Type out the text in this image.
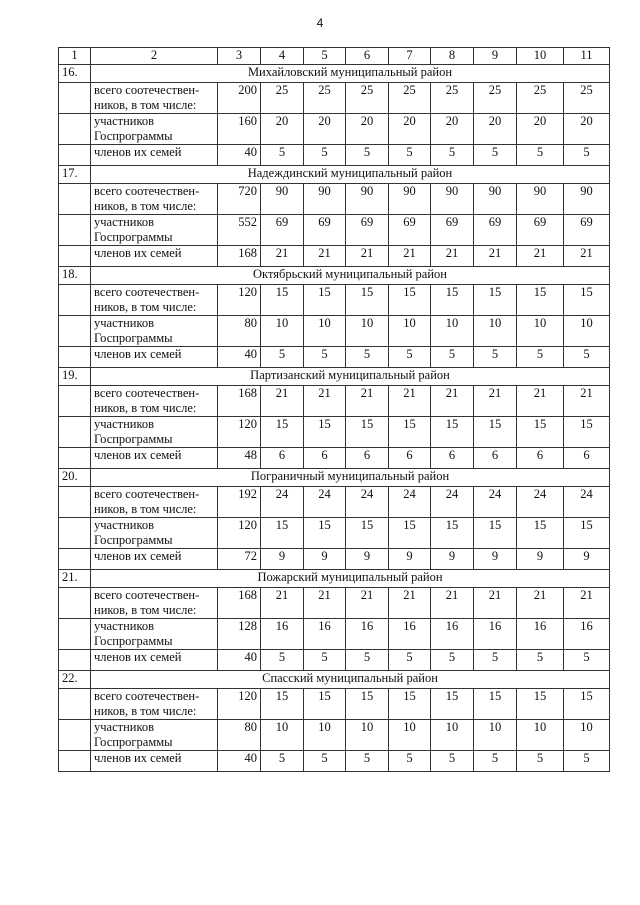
4
1	2	3	4	5	6	7	8	9	10	11
16.	Михайловский муниципальный район									
	всего соотечествен-ников, в том числе:	200	25	25	25	25	25	25	25	25
	участников Госпрограммы	160	20	20	20	20	20	20	20	20
	членов их семей	40	5	5	5	5	5	5	5	5
17.	Надеждинский муниципальный район									
	всего соотечествен-ников, в том числе:	720	90	90	90	90	90	90	90	90
	участников Госпрограммы	552	69	69	69	69	69	69	69	69
	членов их семей	168	21	21	21	21	21	21	21	21
18.	Октябрьский муниципальный район									
	всего соотечествен-ников, в том числе:	120	15	15	15	15	15	15	15	15
	участников Госпрограммы	80	10	10	10	10	10	10	10	10
	членов их семей	40	5	5	5	5	5	5	5	5
19.	Партизанский муниципальный район									
	всего соотечествен-ников, в том числе:	168	21	21	21	21	21	21	21	21
	участников Госпрограммы	120	15	15	15	15	15	15	15	15
	членов их семей	48	6	6	6	6	6	6	6	6
20.	Пограничный муниципальный район									
	всего соотечествен-ников, в том числе:	192	24	24	24	24	24	24	24	24
	участников Госпрограммы	120	15	15	15	15	15	15	15	15
	членов их семей	72	9	9	9	9	9	9	9	9
21.	Пожарский муниципальный район									
	всего соотечествен-ников, в том числе:	168	21	21	21	21	21	21	21	21
	участников Госпрограммы	128	16	16	16	16	16	16	16	16
	членов их семей	40	5	5	5	5	5	5	5	5
22.	Спасский муниципальный район									
	всего соотечествен-ников, в том числе:	120	15	15	15	15	15	15	15	15
	участников Госпрограммы	80	10	10	10	10	10	10	10	10
	членов их семей	40	5	5	5	5	5	5	5	5
